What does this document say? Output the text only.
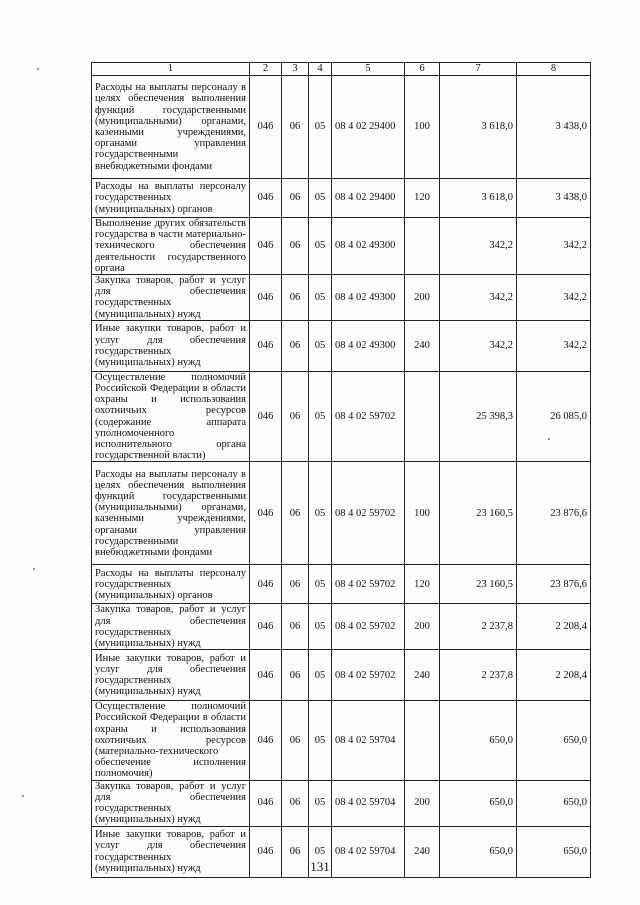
1	2	3	4	5	6	7	8
Расходы на выплаты персоналу в целях обеспечения выполнения функций государственными (муниципальными) органами, казенными учреждениями, органами управления государственными внебюджетными фондами	046	06	05	08 4 02 29400	100	3 618,0	3 438,0
Расходы на выплаты персоналу государственных (муниципальных) органов	046	06	05	08 4 02 29400	120	3 618,0	3 438,0
Выполнение других обязательств государства в части материально-технического обеспечения деятельности государственного органа	046	06	05	08 4 02 49300		342,2	342,2
Закупка товаров, работ и услуг для обеспечения государственных (муниципальных) нужд	046	06	05	08 4 02 49300	200	342,2	342,2
Иные закупки товаров, работ и услуг для обеспечения государственных (муниципальных) нужд	046	06	05	08 4 02 49300	240	342,2	342,2
Осуществление полномочий Российской Федерации в области охраны и использования охотничьих ресурсов (содержание аппарата уполномоченного исполнительного органа государственной власти)	046	06	05	08 4 02 59702		25 398,3	26 085,0
Расходы на выплаты персоналу в целях обеспечения выполнения функций государственными (муниципальными) органами, казенными учреждениями, органами управления государственными внебюджетными фондами	046	06	05	08 4 02 59702	100	23 160,5	23 876,6
Расходы на выплаты персоналу государственных (муниципальных) органов	046	06	05	08 4 02 59702	120	23 160,5	23 876,6
Закупка товаров, работ и услуг для обеспечения государственных (муниципальных) нужд	046	06	05	08 4 02 59702	200	2 237,8	2 208,4
Иные закупки товаров, работ и услуг для обеспечения государственных (муниципальных) нужд	046	06	05	08 4 02 59702	240	2 237,8	2 208,4
Осуществление полномочий Российской Федерации в области охраны и использования охотничьих ресурсов (материально-технического обеспечение исполнения полномочия)	046	06	05	08 4 02 59704		650,0	650,0
Закупка товаров, работ и услуг для обеспечения государственных (муниципальных) нужд	046	06	05	08 4 02 59704	200	650,0	650,0
Иные закупки товаров, работ и услуг для обеспечения государственных (муниципальных) нужд	046	06	05	08 4 02 59704	240	650,0	650,0
131
